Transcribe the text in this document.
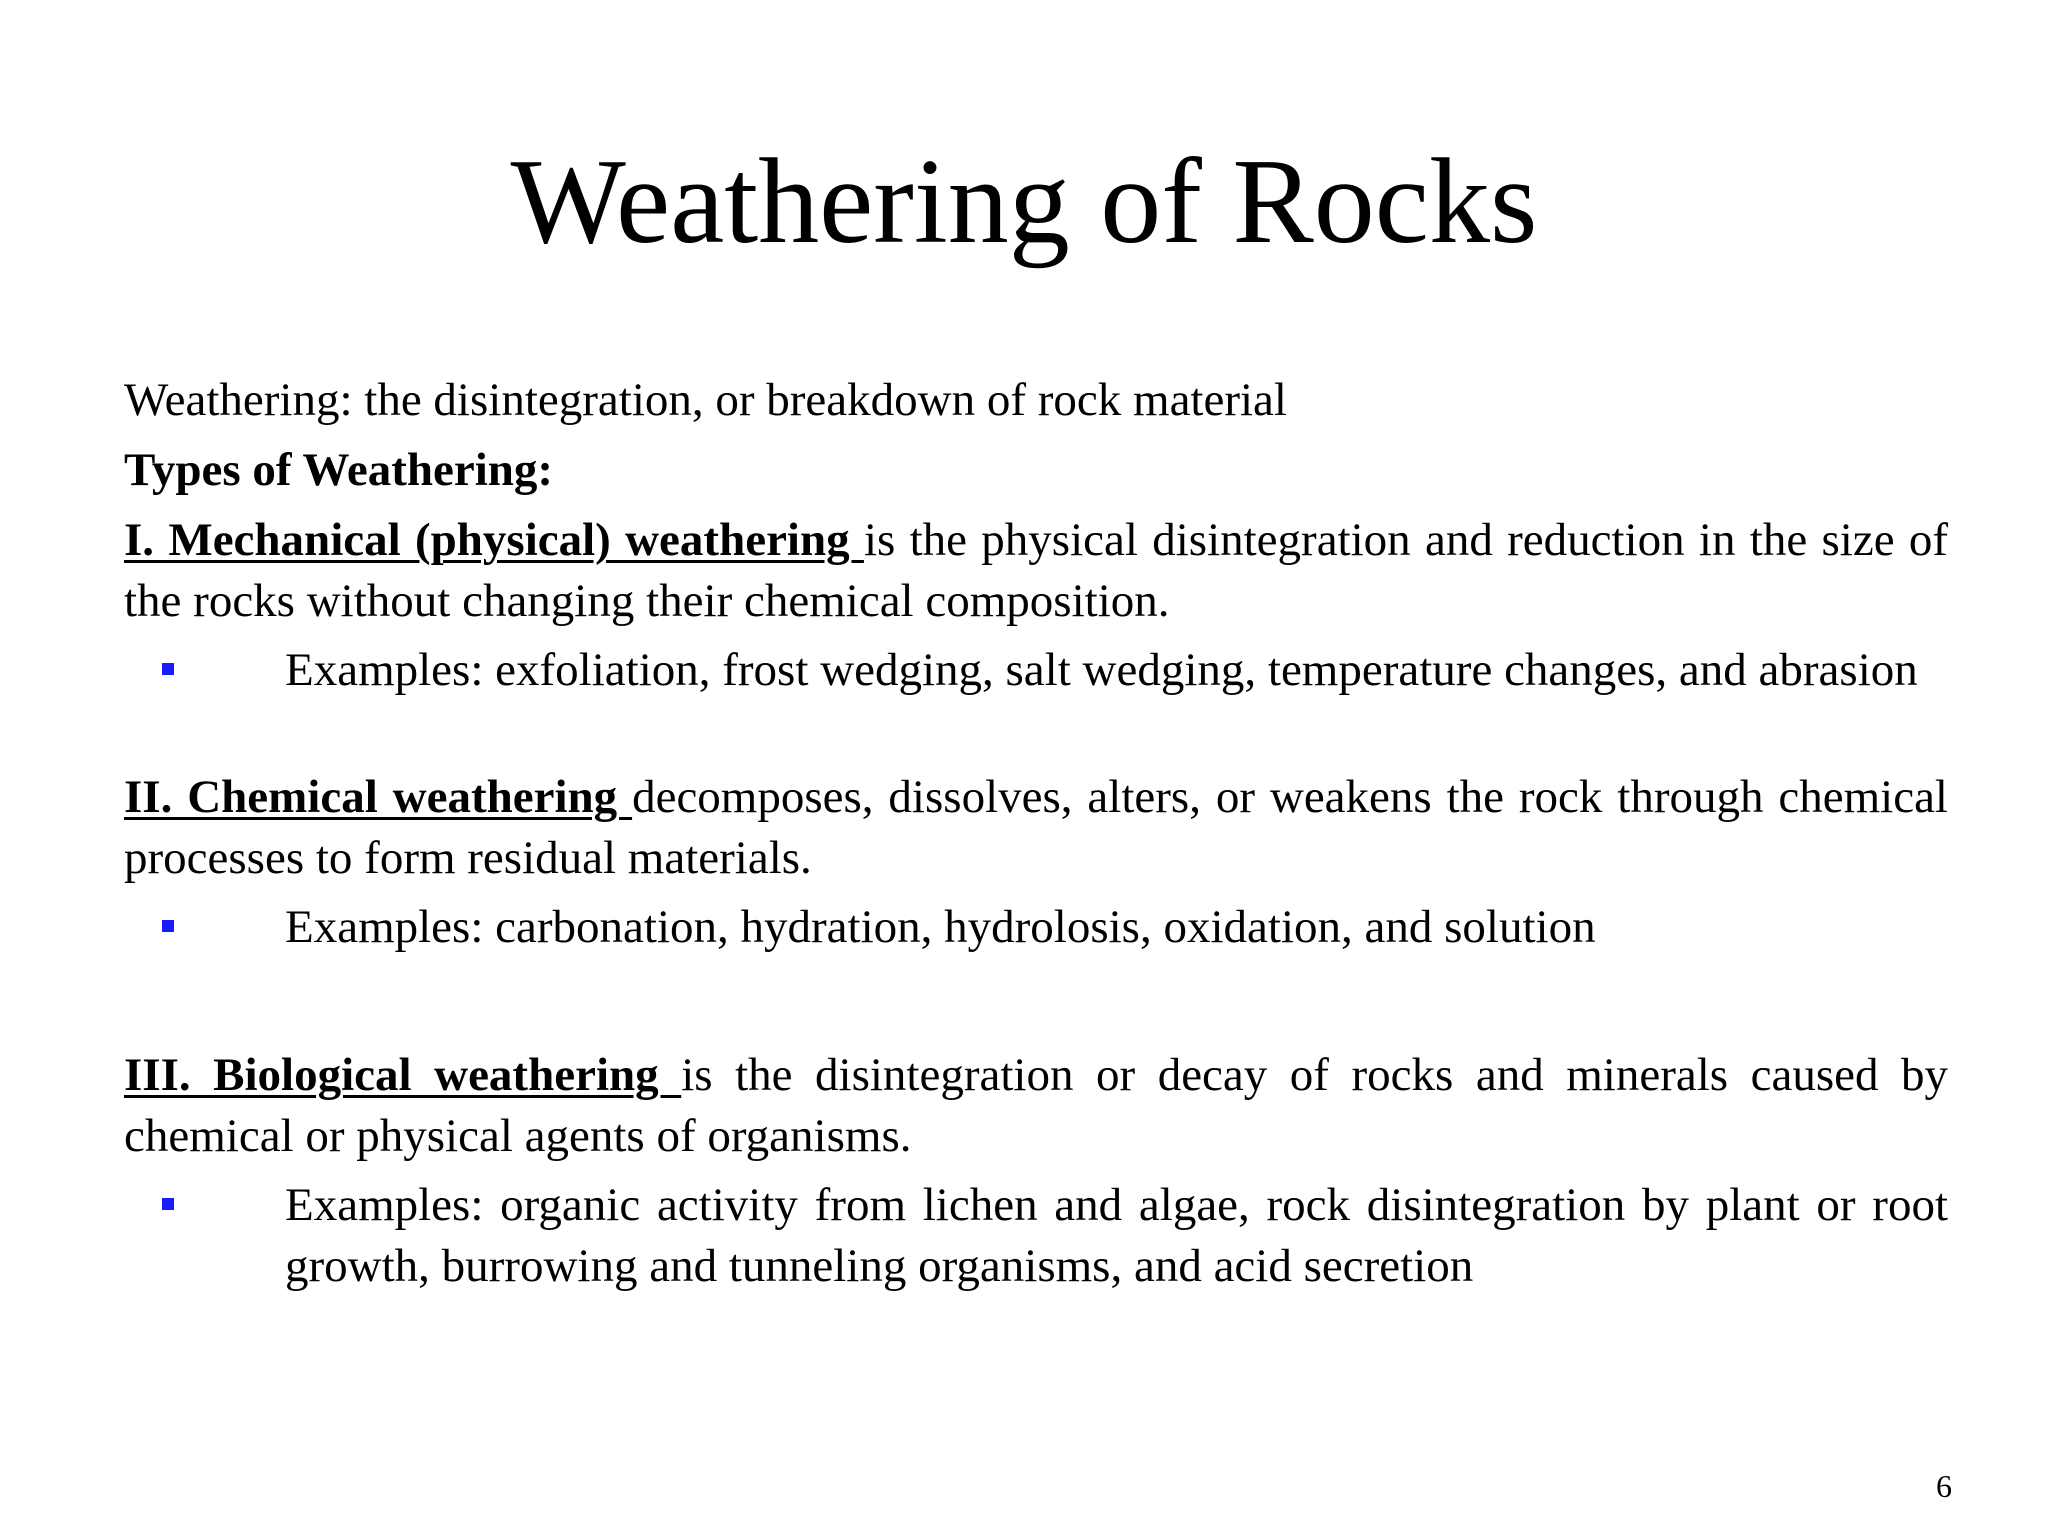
Weathering of Rocks

Weathering: the disintegration, or breakdown of rock material

Types of Weathering:

I. Mechanical (physical) weathering is the physical disintegration and reduction in the size of the rocks without changing their chemical composition.

Examples: exfoliation, frost wedging, salt wedging, temperature changes, and abrasion

II. Chemical weathering decomposes, dissolves, alters, or weakens the rock through chemical processes to form residual materials.

Examples: carbonation, hydration, hydrolosis, oxidation, and solution

III. Biological weathering is the disintegration or decay of rocks and minerals caused by chemical or physical agents of organisms.

Examples: organic activity from lichen and algae, rock disintegration by plant or root growth, burrowing and tunneling organisms, and acid secretion
6
